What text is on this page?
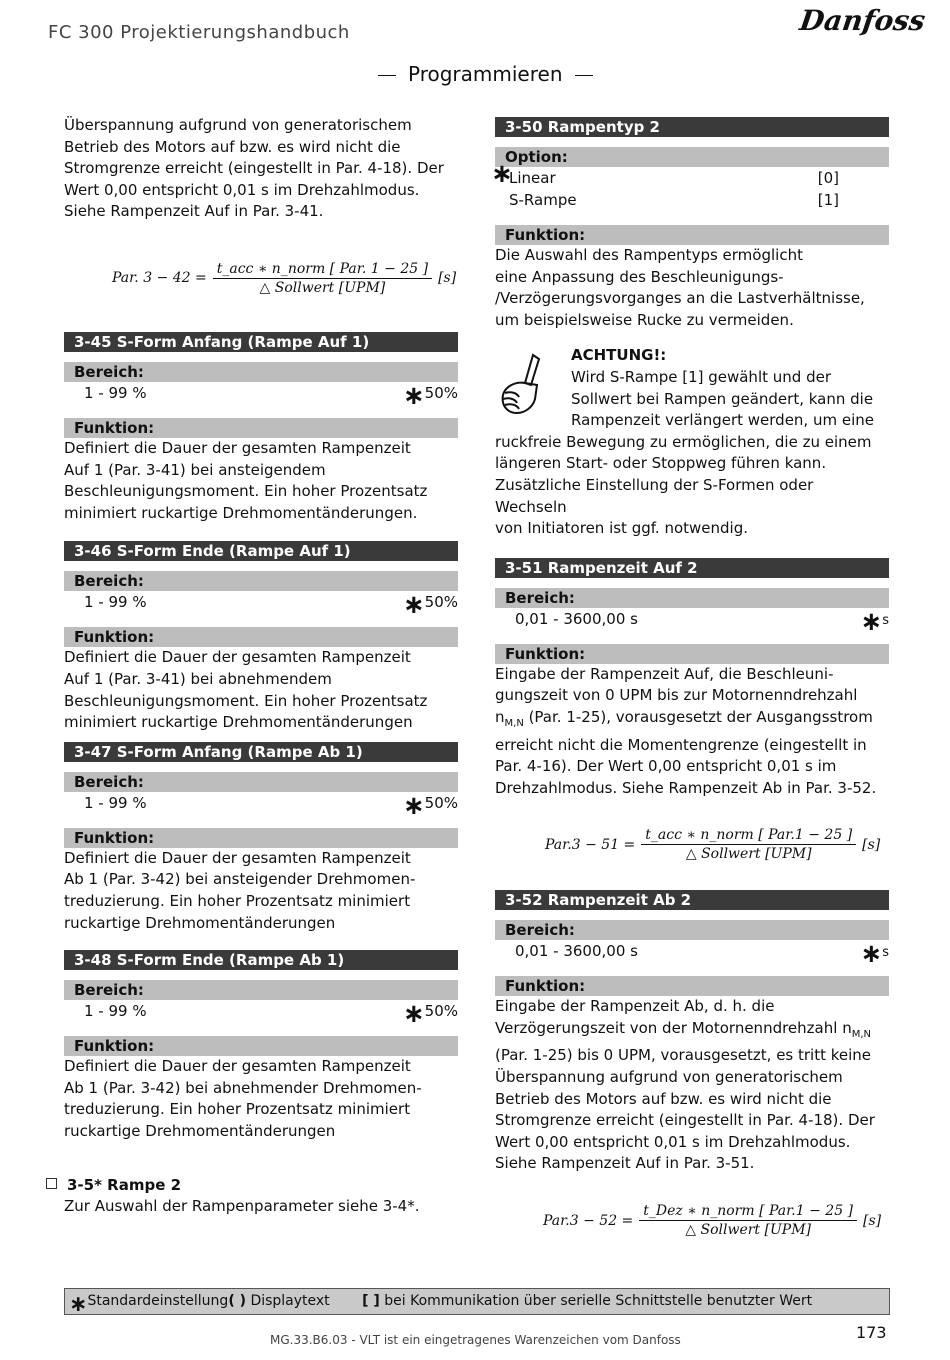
FC 300 Projektierungshandbuch	Danfoss
Programmieren

Überspannung aufgrund von generatorischem
Betrieb des Motors auf bzw. es wird nicht die
Stromgrenze erreicht (eingestellt in Par. 4-18). Der
Wert 0,00 entspricht 0,01 s im Drehzahlmodus.
Siehe Rampenzeit Auf in Par. 3-41.

Par. $3 - 42 = \frac{\text{t\_acc ∗ n\_norm [ Par. 1 − 25 ]}}{\text{△ Sollwert [UPM]}} [s]$
3-45 S-Form Anfang (Rampe Auf 1)
Bereich:
1 - 99 %	∗50%
Funktion:

Definiert die Dauer der gesamten Rampenzeit
Auf 1 (Par. 3-41) bei ansteigendem
Beschleunigungsmoment. Ein hoher Prozentsatz
minimiert ruckartige Drehmomentänderungen.

3-46 S-Form Ende (Rampe Auf 1)
Bereich:
1 - 99 %	∗50%
Funktion:

Definiert die Dauer der gesamten Rampenzeit
Auf 1 (Par. 3-41) bei abnehmendem
Beschleunigungsmoment. Ein hoher Prozentsatz
minimiert ruckartige Drehmomentänderungen

3-47 S-Form Anfang (Rampe Ab 1)
Bereich:
1 - 99 %	∗50%
Funktion:

Definiert die Dauer der gesamten Rampenzeit
Ab 1 (Par. 3-42) bei ansteigender Drehmomen-
treduzierung. Ein hoher Prozentsatz minimiert
ruckartige Drehmomentänderungen

3-48 S-Form Ende (Rampe Ab 1)
Bereich:
1 - 99 %	∗50%
Funktion:

Definiert die Dauer der gesamten Rampenzeit
Ab 1 (Par. 3-42) bei abnehmender Drehmomen-
treduzierung. Ein hoher Prozentsatz minimiert
ruckartige Drehmomentänderungen

3-5* Rampe 2
Zur Auswahl der Rampenparameter siehe 3-4*.
3-50 Rampentyp 2
Option:
∗
Linear	[0]
S-Rampe	[1]
Funktion:

Die Auswahl des Rampentyps ermöglicht
eine Anpassung des Beschleunigungs-
/Verzögerungsvorganges an die Lastverhältnisse,
um beispielsweise Rucke zu vermeiden.

ACHTUNG!:

Wird S-Rampe [1] gewählt und der
Sollwert bei Rampen geändert, kann die
Rampenzeit verlängert werden, um eine

ruckfreie Bewegung zu ermöglichen, die zu einem
längeren Start- oder Stoppweg führen kann.
Zusätzliche Einstellung der S-Formen oder Wechseln
von Initiatoren ist ggf. notwendig.

3-51 Rampenzeit Auf 2
Bereich:
0,01 - 3600,00 s	∗s
Funktion:

Eingabe der Rampenzeit Auf, die Beschleuni-
gungszeit von 0 UPM bis zur Motornenndrehzahl

$n_{M,N}$ (Par. 1-25), vorausgesetzt der Ausgangsstrom

erreicht nicht die Momentengrenze (eingestellt in
Par. 4-16). Der Wert 0,00 entspricht 0,01 s im
Drehzahlmodus. Siehe Rampenzeit Ab in Par. 3-52.

$Par.3 - 51 = \frac{\text{t\_acc ∗ n\_norm [ Par.1 − 25 ]}}{\text{△ Sollwert [UPM]}} [s]$
3-52 Rampenzeit Ab 2
Bereich:
0,01 - 3600,00 s	∗s
Funktion:

Eingabe der Rampenzeit Ab, d. h. die

Verzögerungszeit von der Motornenndrehzahl $n_{M,N}$

(Par. 1-25) bis 0 UPM, vorausgesetzt, es tritt keine
Überspannung aufgrund von generatorischem
Betrieb des Motors auf bzw. es wird nicht die
Stromgrenze erreicht (eingestellt in Par. 4-18). Der
Wert 0,00 entspricht 0,01 s im Drehzahlmodus.
Siehe Rampenzeit Auf in Par. 3-51.

$Par.3 - 52 = \frac{\text{t\_Dez ∗ n\_norm [ Par.1 − 25 ]}}{\text{△ Sollwert [UPM]}} [s]$
∗Standardeinstellung( ) Displaytext [ ] bei Kommunikation über serielle Schnittstelle benutzter Wert
MG.33.B6.03 - VLT ist ein eingetragenes Warenzeichen vom Danfoss	173
